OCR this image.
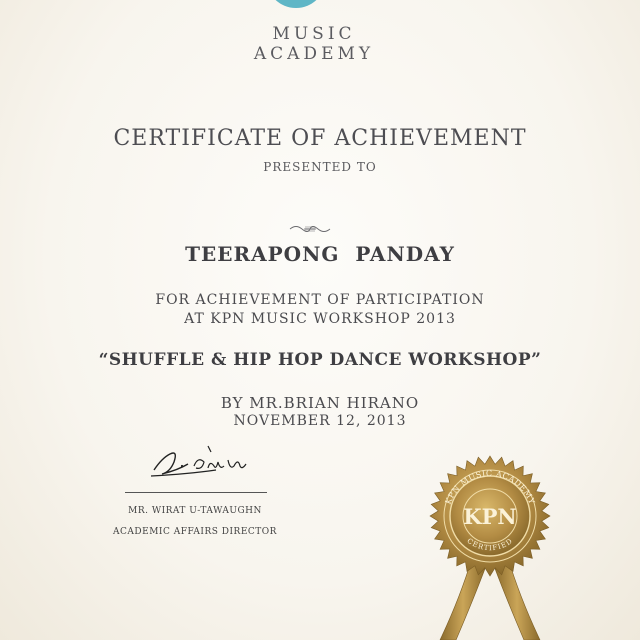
MUSIC
ACADEMY
CERTIFICATE OF ACHIEVEMENT
PRESENTED TO
TEERAPONG  PANDAY
FOR ACHIEVEMENT OF PARTICIPATION
AT KPN MUSIC WORKSHOP 2013
“SHUFFLE & HIP HOP DANCE WORKSHOP”
BY MR.BRIAN HIRANO
NOVEMBER 12, 2013
MR. WIRAT U-TAWAUGHN
ACADEMIC AFFAIRS DIRECTOR
KPN MUSIC ACADEMY
KPN
CERTIFIED
